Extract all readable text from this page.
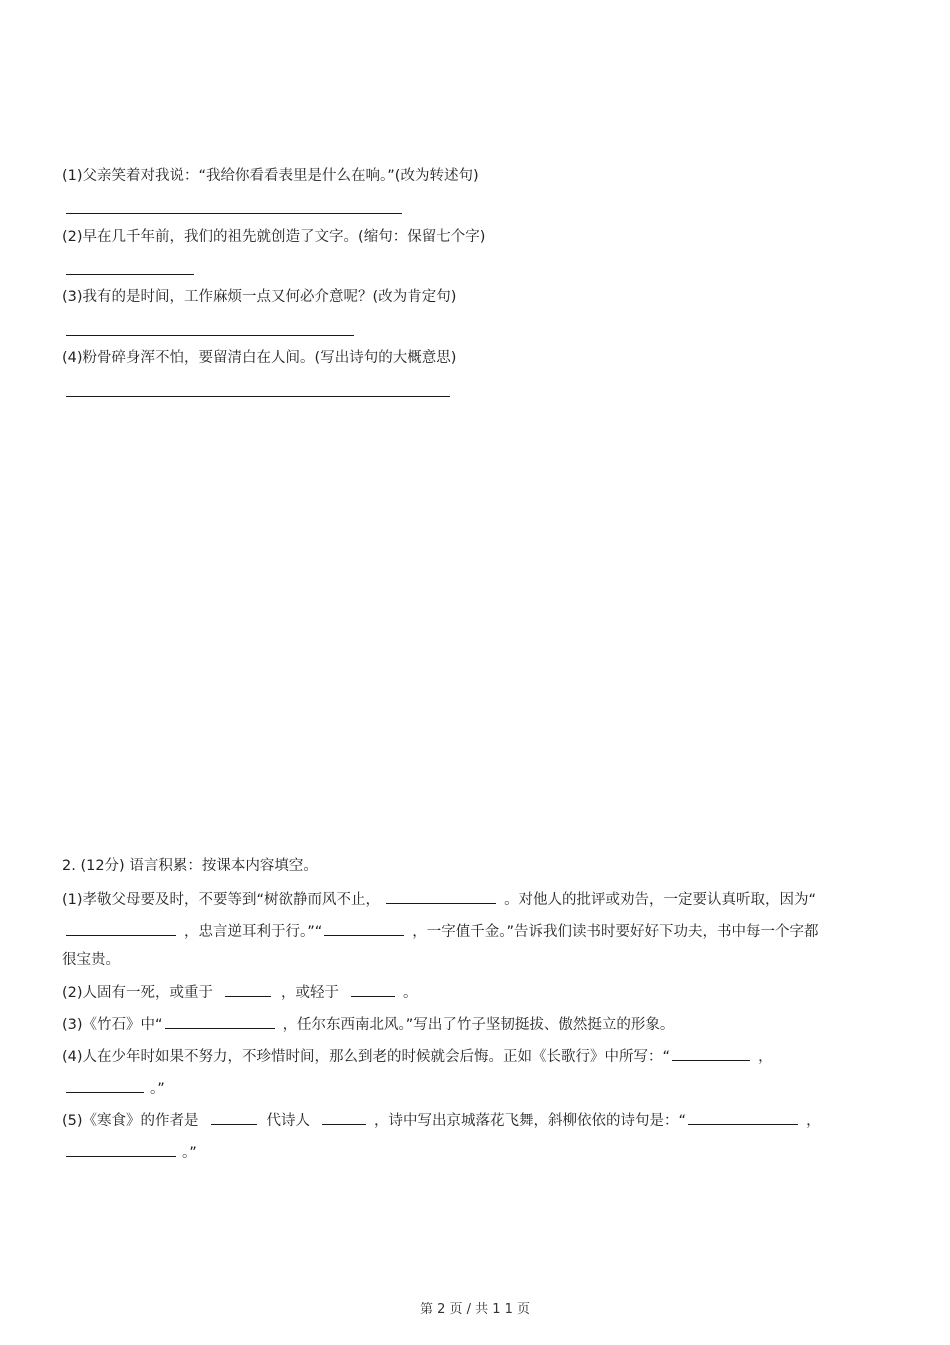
(1)父亲笑着对我说：“我给你看看表里是什么在响。”(改为转述句)
(2)早在几千年前，我们的祖先就创造了文字。(缩句：保留七个字)
(3)我有的是时间，工作麻烦一点又何必介意呢？(改为肯定句)
(4)粉骨碎身浑不怕，要留清白在人间。(写出诗句的大概意思)
2. (12分) 语言积累：按课本内容填空。
(1)孝敬父母要及时，不要等到“树欲静而风不止，	。对他人的批评或劝告，一定要认真听取，因为“
，忠言逆耳利于行。”“	，一字值千金。”告诉我们读书时要好好下功夫，书中每一个字都
很宝贵。
(2)人固有一死，或重于	，或轻于	。
(3)《竹石》中“	，任尔东西南北风。”写出了竹子坚韧挺拔、傲然挺立的形象。
(4)人在少年时如果不努力，不珍惜时间，那么到老的时候就会后悔。正如《长歌行》中所写：“	，
。”
(5)《寒食》的作者是	代诗人	，诗中写出京城落花飞舞，斜柳依依的诗句是：“	，
。”
第 2 页 / 共 1 1 页
